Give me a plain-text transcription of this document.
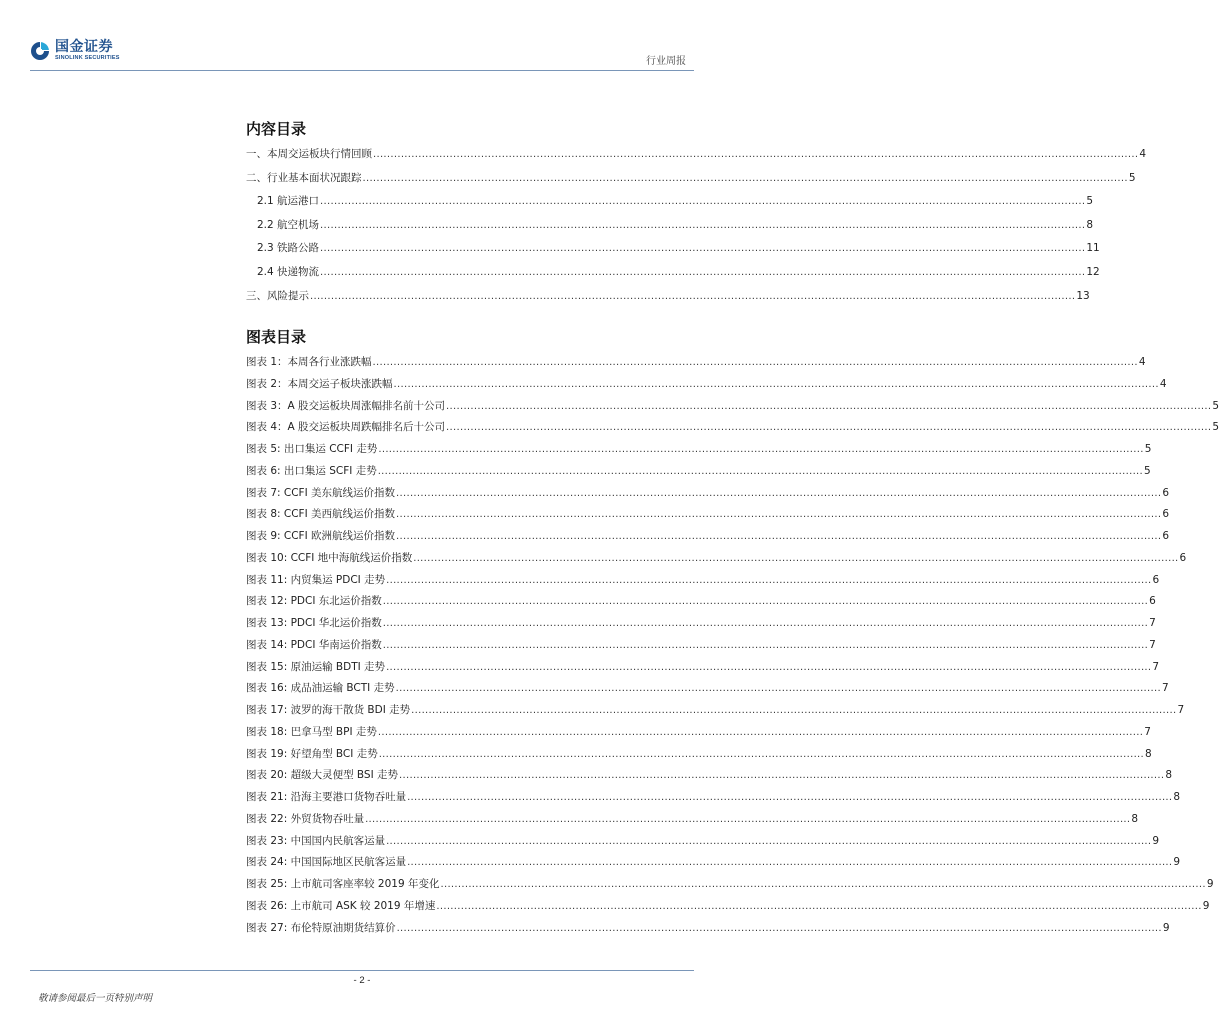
国金证券
SINOLINK SECURITIES	行业周报
内容目录
一、本周交运板块行情回顾 ............................................................................................................................................................................................................................ 4
二、行业基本面状况跟踪 ............................................................................................................................................................................................................................ 5
2.1 航运港口 ............................................................................................................................................................................................................................ 5
2.2 航空机场 ............................................................................................................................................................................................................................ 8
2.3 铁路公路 ............................................................................................................................................................................................................................ 11
2.4 快递物流 ............................................................................................................................................................................................................................ 12
三、风险提示 ............................................................................................................................................................................................................................ 13
图表目录
图表 1：本周各行业涨跌幅 ............................................................................................................................................................................................................................ 4
图表 2：本周交运子板块涨跌幅 ............................................................................................................................................................................................................................ 4
图表 3：A 股交运板块周涨幅排名前十公司 ............................................................................................................................................................................................................................ 5
图表 4：A 股交运板块周跌幅排名后十公司 ............................................................................................................................................................................................................................ 5
图表 5: 出口集运 CCFI 走势 ............................................................................................................................................................................................................................ 5
图表 6: 出口集运 SCFI 走势 ............................................................................................................................................................................................................................ 5
图表 7: CCFI 美东航线运价指数 ............................................................................................................................................................................................................................ 6
图表 8: CCFI 美西航线运价指数 ............................................................................................................................................................................................................................ 6
图表 9: CCFI 欧洲航线运价指数 ............................................................................................................................................................................................................................ 6
图表 10: CCFI 地中海航线运价指数 ............................................................................................................................................................................................................................ 6
图表 11: 内贸集运 PDCI 走势 ............................................................................................................................................................................................................................ 6
图表 12: PDCI 东北运价指数 ............................................................................................................................................................................................................................ 6
图表 13: PDCI 华北运价指数 ............................................................................................................................................................................................................................ 7
图表 14: PDCI 华南运价指数 ............................................................................................................................................................................................................................ 7
图表 15: 原油运输 BDTI 走势 ............................................................................................................................................................................................................................ 7
图表 16: 成品油运输 BCTI 走势 ............................................................................................................................................................................................................................ 7
图表 17: 波罗的海干散货 BDI 走势 ............................................................................................................................................................................................................................ 7
图表 18: 巴拿马型 BPI 走势 ............................................................................................................................................................................................................................ 7
图表 19: 好望角型 BCI 走势 ............................................................................................................................................................................................................................ 8
图表 20: 超级大灵便型 BSI 走势 ............................................................................................................................................................................................................................ 8
图表 21: 沿海主要港口货物吞吐量 ............................................................................................................................................................................................................................ 8
图表 22: 外贸货物吞吐量 ............................................................................................................................................................................................................................ 8
图表 23: 中国国内民航客运量 ............................................................................................................................................................................................................................ 9
图表 24: 中国国际地区民航客运量 ............................................................................................................................................................................................................................ 9
图表 25: 上市航司客座率较 2019 年变化 ............................................................................................................................................................................................................................ 9
图表 26: 上市航司 ASK 较 2019 年增速 ............................................................................................................................................................................................................................ 9
图表 27: 布伦特原油期货结算价 ............................................................................................................................................................................................................................ 9
- 2 -
敬请参阅最后一页特别声明
